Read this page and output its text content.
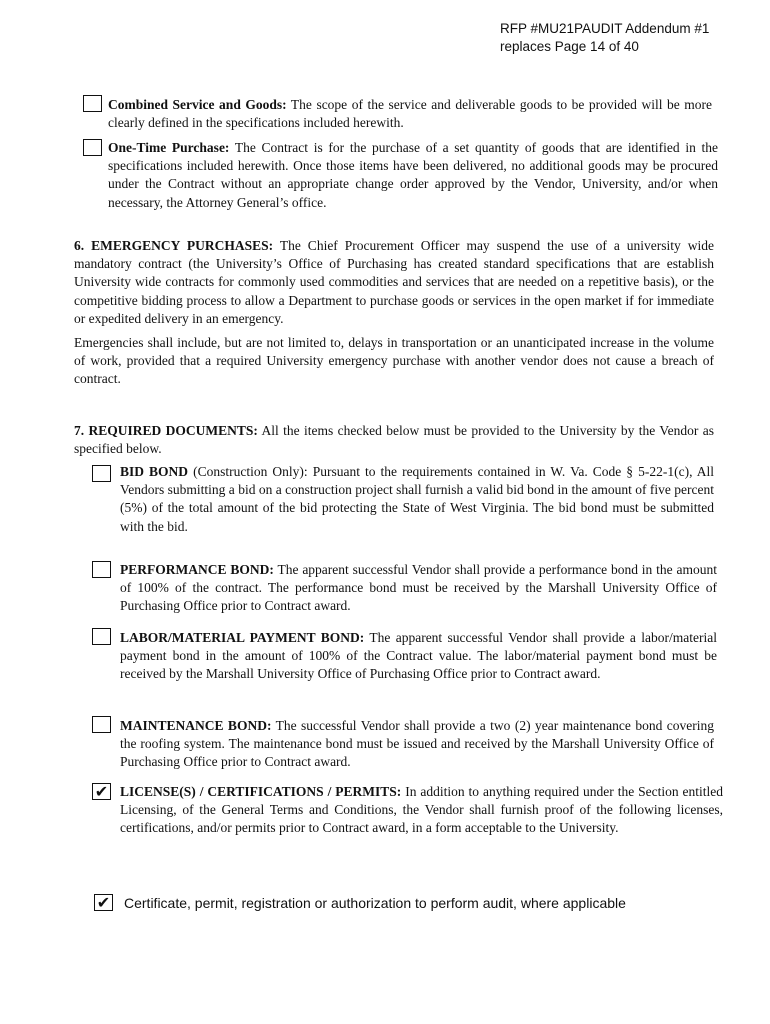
RFP #MU21PAUDIT Addendum #1
replaces Page 14 of 40
Combined Service and Goods: The scope of the service and deliverable goods to be provided will be more clearly defined in the specifications included herewith.
One-Time Purchase: The Contract is for the purchase of a set quantity of goods that are identified in the specifications included herewith. Once those items have been delivered, no additional goods may be procured under the Contract without an appropriate change order approved by the Vendor, University, and/or when necessary, the Attorney General’s office.
6. EMERGENCY PURCHASES: The Chief Procurement Officer may suspend the use of a university wide mandatory contract (the University’s Office of Purchasing has created standard specifications that are establish University wide contracts for commonly used commodities and services that are needed on a repetitive basis), or the competitive bidding process to allow a Department to purchase goods or services in the open market if for immediate or expedited delivery in an emergency.
Emergencies shall include, but are not limited to, delays in transportation or an unanticipated increase in the volume of work, provided that a required University emergency purchase with another vendor does not cause a breach of contract.
7. REQUIRED DOCUMENTS: All the items checked below must be provided to the University by the Vendor as specified below.
BID BOND (Construction Only): Pursuant to the requirements contained in W. Va. Code § 5-22-1(c), All Vendors submitting a bid on a construction project shall furnish a valid bid bond in the amount of five percent (5%) of the total amount of the bid protecting the State of West Virginia. The bid bond must be submitted with the bid.
PERFORMANCE BOND: The apparent successful Vendor shall provide a performance bond in the amount of 100% of the contract. The performance bond must be received by the Marshall University Office of Purchasing Office prior to Contract award.
LABOR/MATERIAL PAYMENT BOND: The apparent successful Vendor shall provide a labor/material payment bond in the amount of 100% of the Contract value. The labor/material payment bond must be received by the Marshall University Office of Purchasing Office prior to Contract award.
MAINTENANCE BOND: The successful Vendor shall provide a two (2) year maintenance bond covering the roofing system. The maintenance bond must be issued and received by the Marshall University Office of Purchasing Office prior to Contract award.
✔ LICENSE(S) / CERTIFICATIONS / PERMITS: In addition to anything required under the Section entitled Licensing, of the General Terms and Conditions, the Vendor shall furnish proof of the following licenses, certifications, and/or permits prior to Contract award, in a form acceptable to the University.
✔ Certificate, permit, registration or authorization to perform audit, where applicable
